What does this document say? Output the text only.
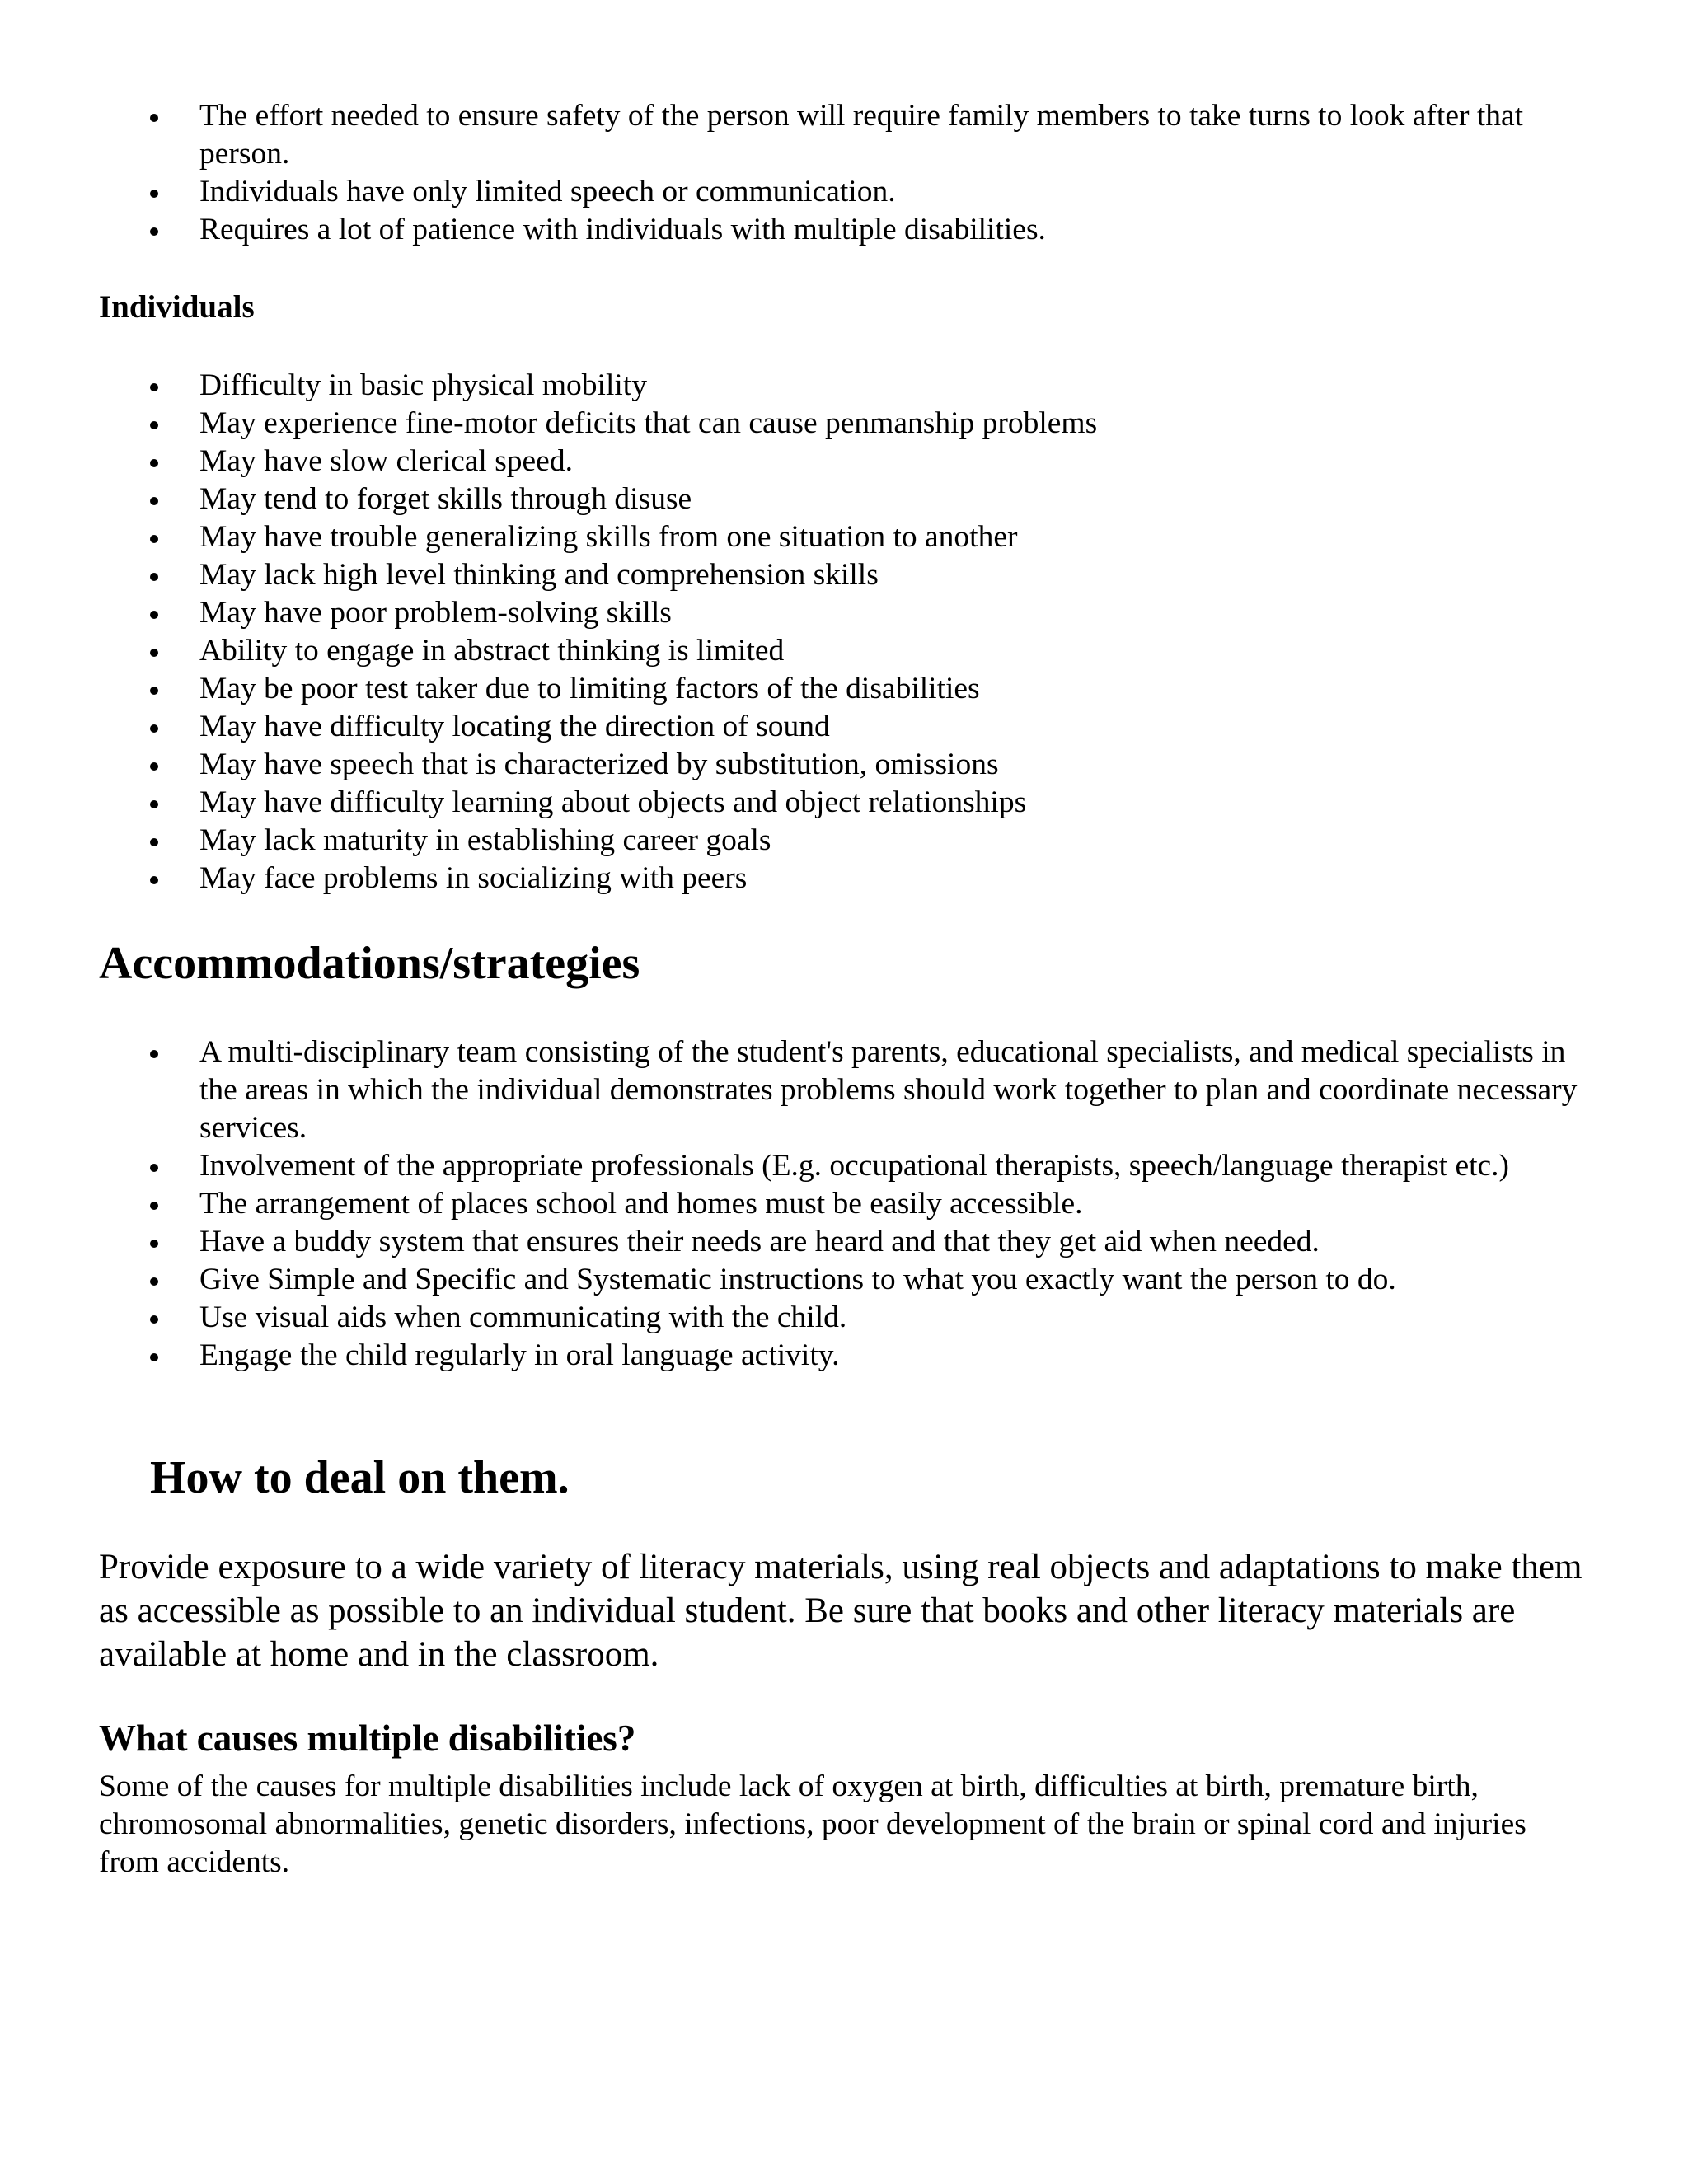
The effort needed to ensure safety of the person will require family members to take turns to look after that person.
Individuals have only limited speech or communication.
Requires a lot of patience with individuals with multiple disabilities.
Individuals
Difficulty in basic physical mobility
May experience fine-motor deficits that can cause penmanship problems
May have slow clerical speed.
May tend to forget skills through disuse
May have trouble generalizing skills from one situation to another
May lack high level thinking and comprehension skills
May have poor problem-solving skills
Ability to engage in abstract thinking is limited
May be poor test taker due to limiting factors of the disabilities
May have difficulty locating the direction of sound
May have speech that is characterized by substitution, omissions
May have difficulty learning about objects and object relationships
May lack maturity in establishing career goals
May face problems in socializing with peers
Accommodations/strategies
A multi-disciplinary team consisting of the student's parents, educational specialists, and medical specialists in the areas in which the individual demonstrates problems should work together to plan and coordinate necessary services.
Involvement of the appropriate professionals (E.g. occupational therapists, speech/language therapist etc.)
The arrangement of places school and homes must be easily accessible.
Have a buddy system that ensures their needs are heard and that they get aid when needed.
Give Simple and Specific and Systematic instructions to what you exactly want the person to do.
Use visual aids when communicating with the child.
Engage the child regularly in oral language activity.
How to deal on them.

Provide exposure to a wide variety of literacy materials, using real objects and adaptations to make them as accessible as possible to an individual student. Be sure that books and other literacy materials are available at home and in the classroom.

What causes multiple disabilities?

Some of the causes for multiple disabilities include lack of oxygen at birth, difficulties at birth, premature birth, chromosomal abnormalities, genetic disorders, infections, poor development of the brain or spinal cord and injuries from accidents.
